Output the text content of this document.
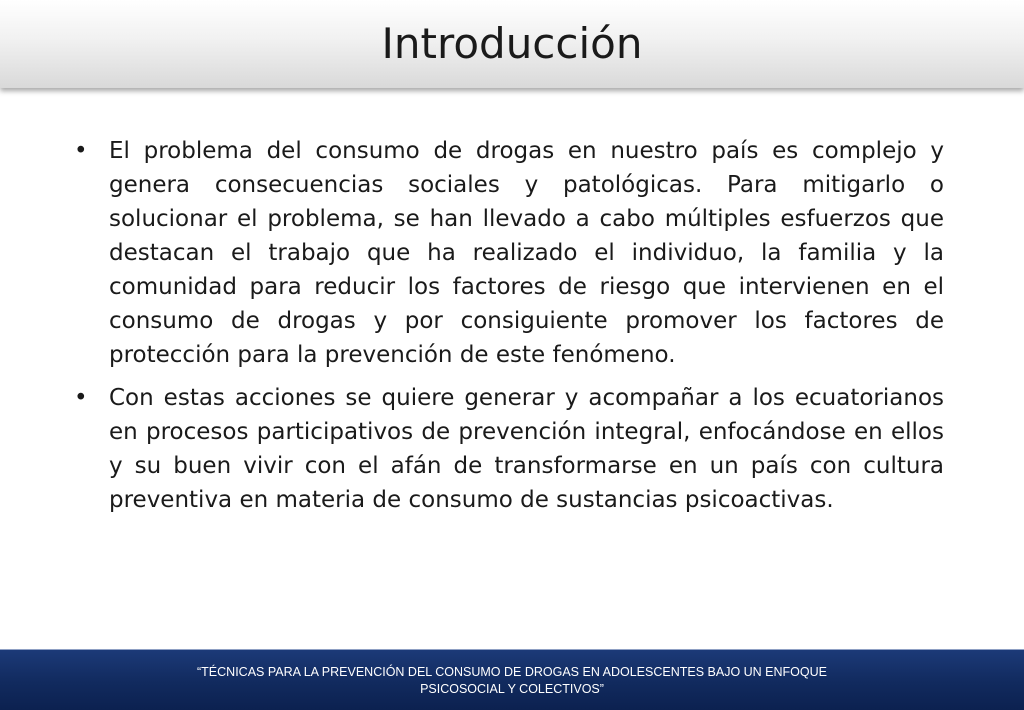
Introducción
• El problema del consumo de drogas en nuestro país es complejo y genera consecuencias sociales y patológicas. Para mitigarlo o solucionar el problema, se han llevado a cabo múltiples esfuerzos que destacan el trabajo que ha realizado el individuo, la familia y la comunidad para reducir los factores de riesgo que intervienen en el consumo de drogas y por consiguiente promover los factores de protección para la prevención de este fenómeno.
• Con estas acciones se quiere generar y acompañar a los ecuatorianos en procesos participativos de prevención integral, enfocándose en ellos y su buen vivir con el afán de transformarse en un país con cultura preventiva en materia de consumo de sustancias psicoactivas.

“TÉCNICAS PARA LA PREVENCIÓN DEL CONSUMO DE DROGAS EN ADOLESCENTES BAJO UN ENFOQUE
PSICOSOCIAL Y COLECTIVOS”
